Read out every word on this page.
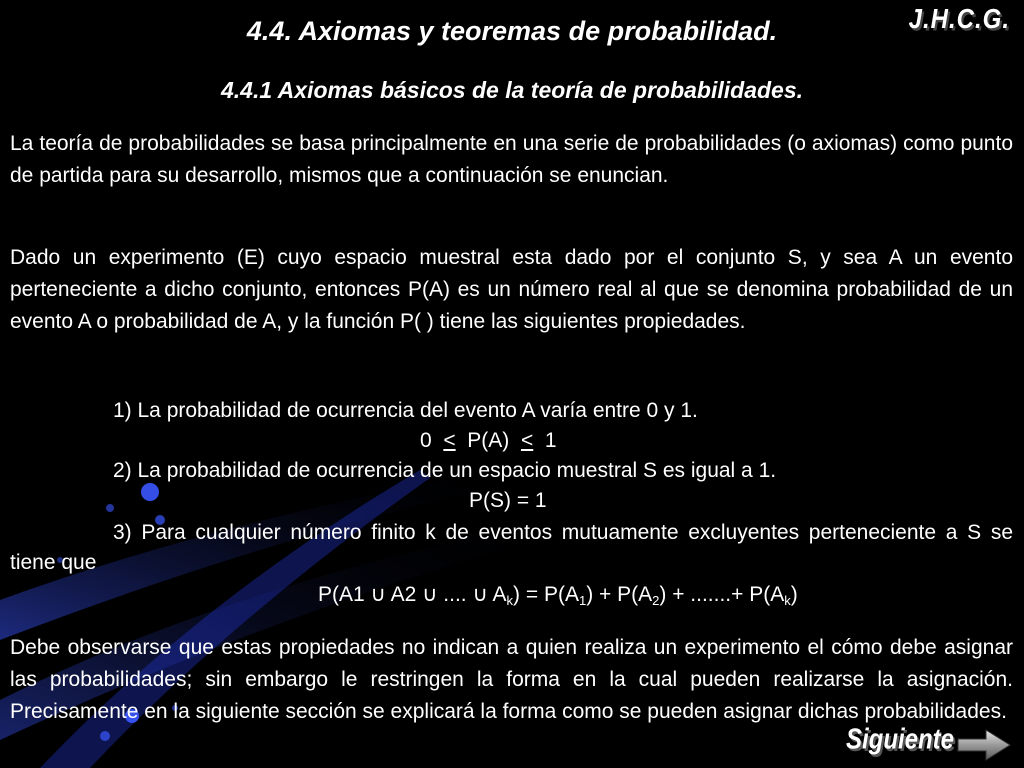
J.H.C.G.
4.4. Axiomas y teoremas de probabilidad.
4.4.1 Axiomas básicos de la teoría de probabilidades.
La teoría de probabilidades se basa principalmente en una serie de probabilidades (o axiomas) como punto de partida para su desarrollo, mismos que a continuación se enuncian.
Dado un experimento (E) cuyo espacio muestral esta dado por el conjunto S, y sea A un evento perteneciente a dicho conjunto, entonces P(A) es un número real al que se denomina probabilidad de un evento A o probabilidad de A, y la función P( ) tiene las siguientes propiedades.
1) La probabilidad de ocurrencia del evento A varía entre 0 y 1.
0 ≤ P(A) ≤ 1
2) La probabilidad de ocurrencia de un espacio muestral S es igual a 1.
P(S) = 1
3) Para cualquier número finito k de eventos mutuamente excluyentes perteneciente a S se tiene que
P(A1 ∪ A2 ∪ .... ∪ $A_k) = P(A_1) + P(A_2)$ + .......+ $P(A_k)$
Debe observarse que estas propiedades no indican a quien realiza un experimento el cómo debe asignar las probabilidades; sin embargo le restringen la forma en la cual pueden realizarse la asignación. Precisamente en la siguiente sección se explicará la forma como se pueden asignar dichas probabilidades.
Siguiente
